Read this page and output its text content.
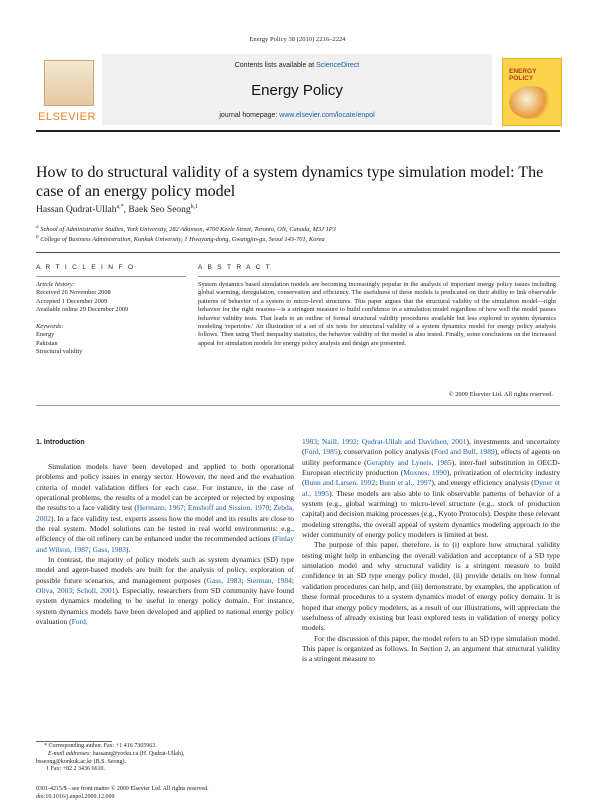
Energy Policy 38 (2010) 2216–2224
ELSEVIER
Contents lists available at ScienceDirect
Energy Policy
journal homepage: www.elsevier.com/locate/enpol
ENERGY
POLICY
How to do structural validity of a system dynamics type simulation model: The case of an energy policy model
Hassan Qudrat-Ullah$^{a,*}$, Baek Seo Seong$^{b,1}$
$^a$ School of Administrative Studies, York University, 282 Atkinson, 4700 Keele Street, Toronto, ON, Canada, M3J 1P3
$^b$ College of Business Administration, Konkuk University, 1 Hwayang-dong, Gwangjin-gu, Seoul 143-701, Korea
A R T I C L E I N F O	A B S T R A C T
Article history:
Received 26 November 2008
Accepted 1 December 2009
Available online 29 December 2009
Keywords:
Energy
Pakistan
Structural validity
System dynamics based simulation models are becoming increasingly popular in the analysis of important energy policy issues including global warming, deregulation, conservation and efficiency. The usefulness of these models is predicated on their ability to link observable patterns of behavior of a system to micro-level structures. This paper argues that the structural validity of the simulation model—right behavior for the right reasons—is a stringent measure to build confidence in a simulation model regardless of how well the model passes behavior validity tests. That leads to an outline of formal structural validity procedures available but less explored in system dynamics modeling 'repertoire.' An illustration of a set of six tests for structural validity of a system dynamics model for energy policy analysis follows. Then using Theil inequality statistics, the behavior validity of the model is also tested. Finally, some conclusions on the increased appeal for simulation models for energy policy analysis and design are presented.
© 2009 Elsevier Ltd. All rights reserved.
1. Introduction

Simulation models have been developed and applied to both operational problems and policy issues in energy sector. However, the need and the evaluation criteria of model validation differs for each case. For instance, in the case of operational problems, the results of a model can be accepted or rejected by exposing the results to a face validity test (Hermann, 1967; Emshoff and Sission, 1970; Zebda, 2002). In a face validity test, experts assess how the model and its results are close to the real system. Model solutions can be tested in real world environments: e.g., efficiency of the oil refinery can be enhanced under the recommended actions (Finlay and Wilson, 1987; Gass, 1983).

In contrast, the majority of policy models such as system dynamics (SD) type model and agent-based models are built for the analysis of policy, exploration of possible future scenarios, and management purposes (Gass, 1983; Sterman, 1984; Oliva, 2003; Scholl, 2001). Especially, researchers from SD community have found system dynamics modeling to be useful in energy policy domain. For instance, system dynamics models have been developed and applied to national energy policy evaluation (Ford,

1983; Naill, 1992; Qudrat-Ullah and Davidsen, 2001), investments and uncertainty (Ford, 1985), conservation policy analysis (Ford and Bull, 1989), effects of agents on utility performance (Geraphty and Lyneis, 1985), inter-fuel substitution in OECD-European electricity production (Moxnes, 1990), privatization of electricity industry (Bunn and Larsen, 1992; Bunn et al., 1997), and energy efficiency analysis (Dyner et al., 1995). These models are also able to link observable patterns of behavior of a system (e.g., global warming) to micro-level structure (e.g., stock of production capital) and decision making processes (e.g., Kyoto Protocols). Despite these relevant modeling strengths, the overall appeal of system dynamics modeling approach to the wider community of energy policy modelers is limited at best.

The purpose of this paper, therefore, is to (i) explore how structural validity testing might help in enhancing the overall validation and acceptance of a SD type simulation model and why structural validity is a stringent measure to build confidence in an SD type energy policy model, (ii) provide details on how formal validation procedures can help, and (iii) demonstrate, by examples, the application of these formal procedures to a system dynamics model of energy policy domain. It is hoped that energy policy modelers, as a result of our illustrations, will appreciate the usefulness of already existing but least explored tests in validation of energy policy models.

For the discussion of this paper, the model refers to an SD type simulation model. This paper is organized as follows. In Section 2, an argument that structural validity is a stringent measure to

* Corresponding author. Fax: +1 416 7365963.
E-mail addresses: hassanq@yorku.ca (H. Qudrat-Ullah),
bsseong@konkuk.ac.kr (B.S. Seong).
1 Fax: +82 2 3436 6610.
0301-4215/$ - see front matter © 2009 Elsevier Ltd. All rights reserved.
doi:10.1016/j.enpol.2009.12.009
